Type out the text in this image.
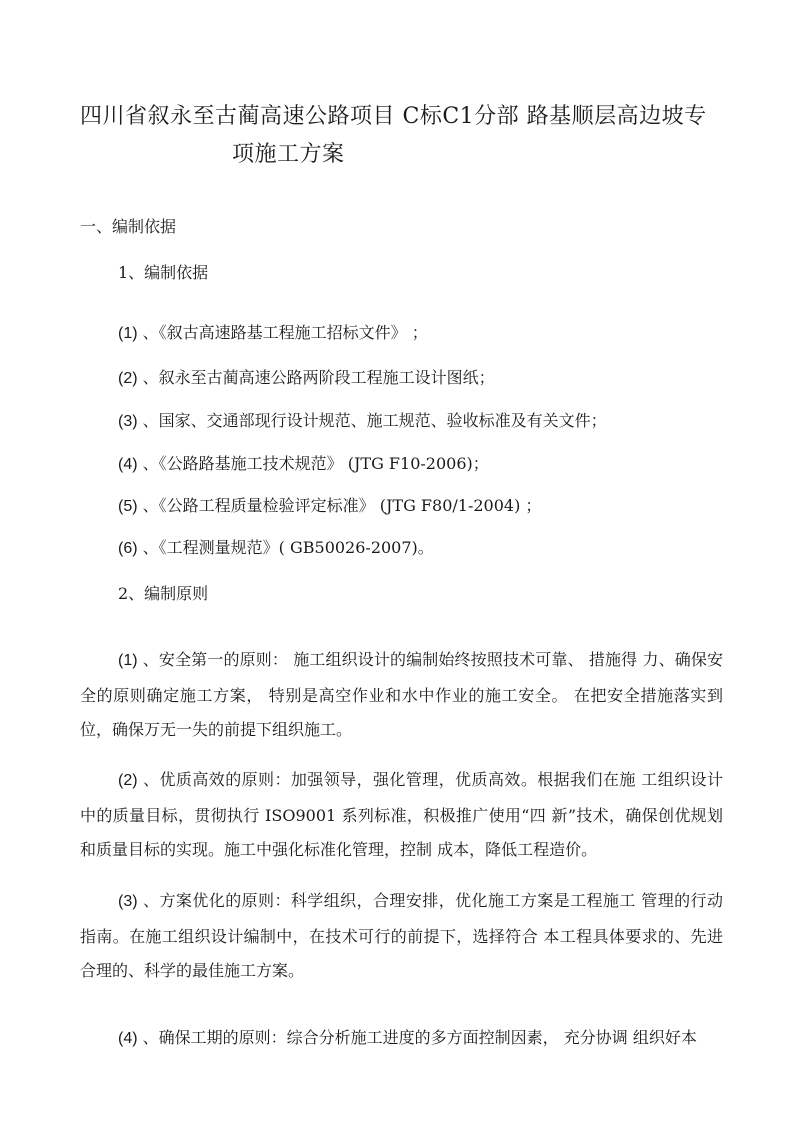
四川省叙永至古蔺高速公路项目 C标C1分部 路基顺层高边坡专
项施工方案
一、编制依据
1、编制依据
(1) 、《叙古高速路基工程施工招标文件》 ；
(2) 、叙永至古蔺高速公路两阶段工程施工设计图纸；
(3) 、国家、交通部现行设计规范、施工规范、验收标准及有关文件；
(4) 、《公路路基施工技术规范》 (JTG F10-2006)；
(5) 、《公路工程质量检验评定标准》 (JTG F80/1-2004) ；
(6) 、《工程测量规范》( GB50026-2007)。
2、编制原则
(1) 、安全第一的原则： 施工组织设计的编制始终按照技术可靠、 措施得 力、确保安全的原则确定施工方案， 特别是高空作业和水中作业的施工安全。 在把安全措施落实到位，确保万无一失的前提下组织施工。
(2) 、优质高效的原则：加强领导，强化管理，优质高效。根据我们在施 工组织设计中的质量目标，贯彻执行 ISO9001 系列标准，积极推广使用“四 新”技术，确保创优规划和质量目标的实现。施工中强化标准化管理，控制 成本，降低工程造价。
(3) 、方案优化的原则：科学组织，合理安排，优化施工方案是工程施工 管理的行动指南。在施工组织设计编制中，在技术可行的前提下，选择符合 本工程具体要求的、先进合理的、科学的最佳施工方案。
(4) 、确保工期的原则：综合分析施工进度的多方面控制因素， 充分协调 组织好本
